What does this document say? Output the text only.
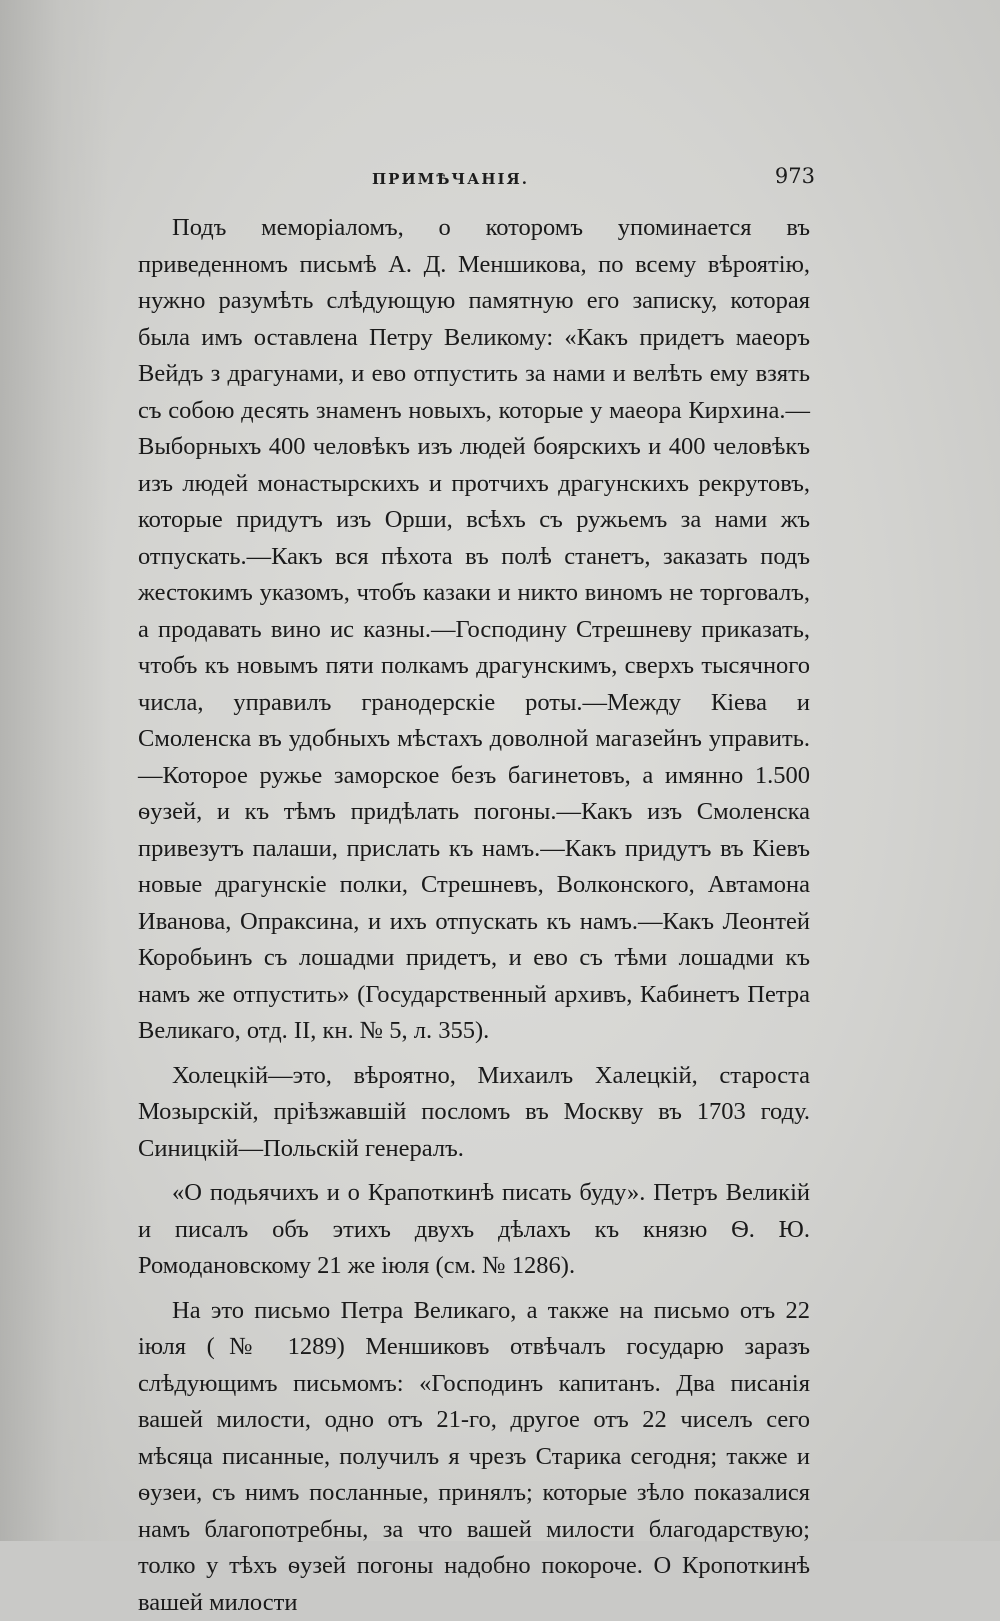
ПРИМѢЧАНІЯ.	973

Подъ меморіаломъ, о которомъ упоминается въ приведенномъ письмѣ А. Д. Меншикова, по всему вѣроятію, нужно разумѣть слѣдующую памятную его записку, которая была имъ оставлена Петру Великому: «Какъ придетъ маеоръ Вейдъ з драгунами, и ево отпустить за нами и велѣть ему взять съ собою десять знаменъ новыхъ, которые у маеора Кирхина.—Выборныхъ 400 человѣкъ изъ людей боярскихъ и 400 человѣкъ изъ людей монастырскихъ и протчихъ драгунскихъ рекрутовъ, которые придутъ изъ Орши, всѣхъ съ ружьемъ за нами жъ отпускать.—Какъ вся пѣхота въ полѣ станетъ, заказать подъ жестокимъ указомъ, чтобъ казаки и никто виномъ не торговалъ, а продавать вино ис казны.—Господину Стрешневу приказать, чтобъ къ новымъ пяти полкамъ драгунскимъ, сверхъ тысячного числа, управилъ гранодерскіе роты.—Между Кіева и Смоленска въ удобныхъ мѣстахъ доволной магазейнъ управить.—Которое ружье заморское безъ багинетовъ, а имянно 1.500 ѳузей, и къ тѣмъ придѣлать погоны.—Какъ изъ Смоленска привезутъ палаши, прислать къ намъ.—Какъ придутъ въ Кіевъ новые драгунскіе полки, Стрешневъ, Волконского, Автамона Иванова, Опраксина, и ихъ отпускать къ намъ.—Какъ Леонтей Коробьинъ съ лошадми придетъ, и ево съ тѣми лошадми къ намъ же отпустить» (Государственный архивъ, Кабинетъ Петра Великаго, отд. II, кн. № 5, л. 355).

Холецкій—это, вѣроятно, Михаилъ Халецкій, староста Мозырскій, пріѣзжавшій посломъ въ Москву въ 1703 году. Синицкій—Польскій генералъ.

«О подьячихъ и о Крапоткинѣ писать буду». Петръ Великій и писалъ объ этихъ двухъ дѣлахъ къ князю Ѳ. Ю. Ромодановскому 21 же іюля (см. № 1286).

На это письмо Петра Великаго, а также на письмо отъ 22 іюля (№ 1289) Меншиковъ отвѣчалъ государю заразъ слѣдующимъ письмомъ: «Господинъ капитанъ. Два писанія вашей милости, одно отъ 21-го, другое отъ 22 чиселъ сего мѣсяца писанные, получилъ я чрезъ Старика сегодня; также и ѳузеи, съ нимъ посланные, принялъ; которые зѣло показалися намъ благопотребны, за что вашей милости благодарствую; толко у тѣхъ ѳузей погоны надобно покороче. О Кропоткинѣ вашей милости
